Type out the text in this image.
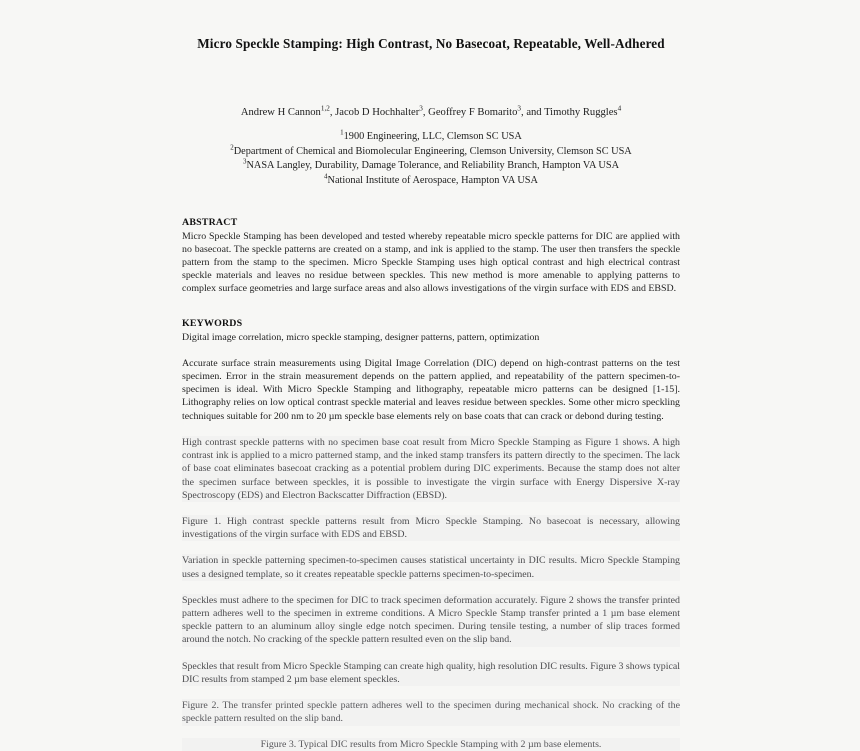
Micro Speckle Stamping: High Contrast, No Basecoat, Repeatable, Well-Adhered

Andrew H Cannon$^{1,2}$, Jacob D Hochhalter$^3$, Geoffrey F Bomarito$^3$, and Timothy Ruggles$^4$

$^1$1900 Engineering, LLC, Clemson SC USA

$^2$Department of Chemical and Biomolecular Engineering, Clemson University, Clemson SC USA

$^3$NASA Langley, Durability, Damage Tolerance, and Reliability Branch, Hampton VA USA

$^4$National Institute of Aerospace, Hampton VA USA

ABSTRACT

Micro Speckle Stamping has been developed and tested whereby repeatable micro speckle patterns for DIC are applied with no basecoat. The speckle patterns are created on a stamp, and ink is applied to the stamp. The user then transfers the speckle pattern from the stamp to the specimen. Micro Speckle Stamping uses high optical contrast and high electrical contrast speckle materials and leaves no residue between speckles. This new method is more amenable to applying patterns to complex surface geometries and large surface areas and also allows investigations of the virgin surface with EDS and EBSD.

KEYWORDS

Digital image correlation, micro speckle stamping, designer patterns, pattern, optimization

Accurate surface strain measurements using Digital Image Correlation (DIC) depend on high-contrast patterns on the test specimen. Error in the strain measurement depends on the pattern applied, and repeatability of the pattern specimen-to-specimen is ideal. With Micro Speckle Stamping and lithography, repeatable micro patterns can be designed [1-15]. Lithography relies on low optical contrast speckle material and leaves residue between speckles. Some other micro speckling techniques suitable for 200 nm to 20 µm speckle base elements rely on base coats that can crack or debond during testing.

High contrast speckle patterns with no specimen base coat result from Micro Speckle Stamping as Figure 1 shows. A high contrast ink is applied to a micro patterned stamp, and the inked stamp transfers its pattern directly to the specimen. The lack of base coat eliminates basecoat cracking as a potential problem during DIC experiments. Because the stamp does not alter the specimen surface between speckles, it is possible to investigate the virgin surface with Energy Dispersive X-ray Spectroscopy (EDS) and Electron Backscatter Diffraction (EBSD).

Figure 1. High contrast speckle patterns result from Micro Speckle Stamping. No basecoat is necessary, allowing investigations of the virgin surface with EDS and EBSD.

Variation in speckle patterning specimen-to-specimen causes statistical uncertainty in DIC results. Micro Speckle Stamping uses a designed template, so it creates repeatable speckle patterns specimen-to-specimen.

Speckles must adhere to the specimen for DIC to track specimen deformation accurately. Figure 2 shows the transfer printed pattern adheres well to the specimen in extreme conditions. A Micro Speckle Stamp transfer printed a 1 µm base element speckle pattern to an aluminum alloy single edge notch specimen. During tensile testing, a number of slip traces formed around the notch. No cracking of the speckle pattern resulted even on the slip band.

Speckles that result from Micro Speckle Stamping can create high quality, high resolution DIC results. Figure 3 shows typical DIC results from stamped 2 µm base element speckles.

Figure 2. The transfer printed speckle pattern adheres well to the specimen during mechanical shock. No cracking of the speckle pattern resulted on the slip band.

Figure 3. Typical DIC results from Micro Speckle Stamping with 2 µm base elements.
